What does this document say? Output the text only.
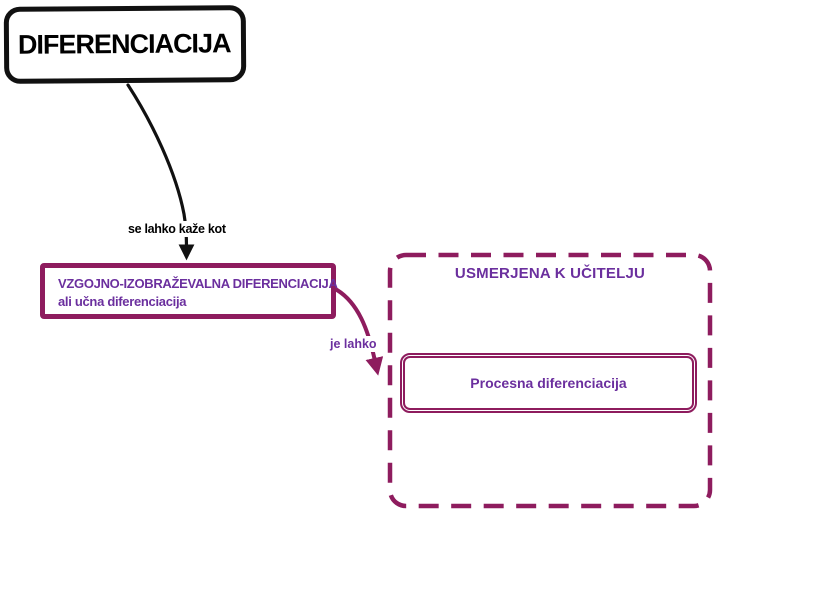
DIFERENCIACIJA
se lahko kaže kot
VZGOJNO-IZOBRAŽEVALNA DIFERENCIACIJA
ali učna diferenciacija
je lahko
USMERJENA K UČITELJU
Procesna diferenciacija
